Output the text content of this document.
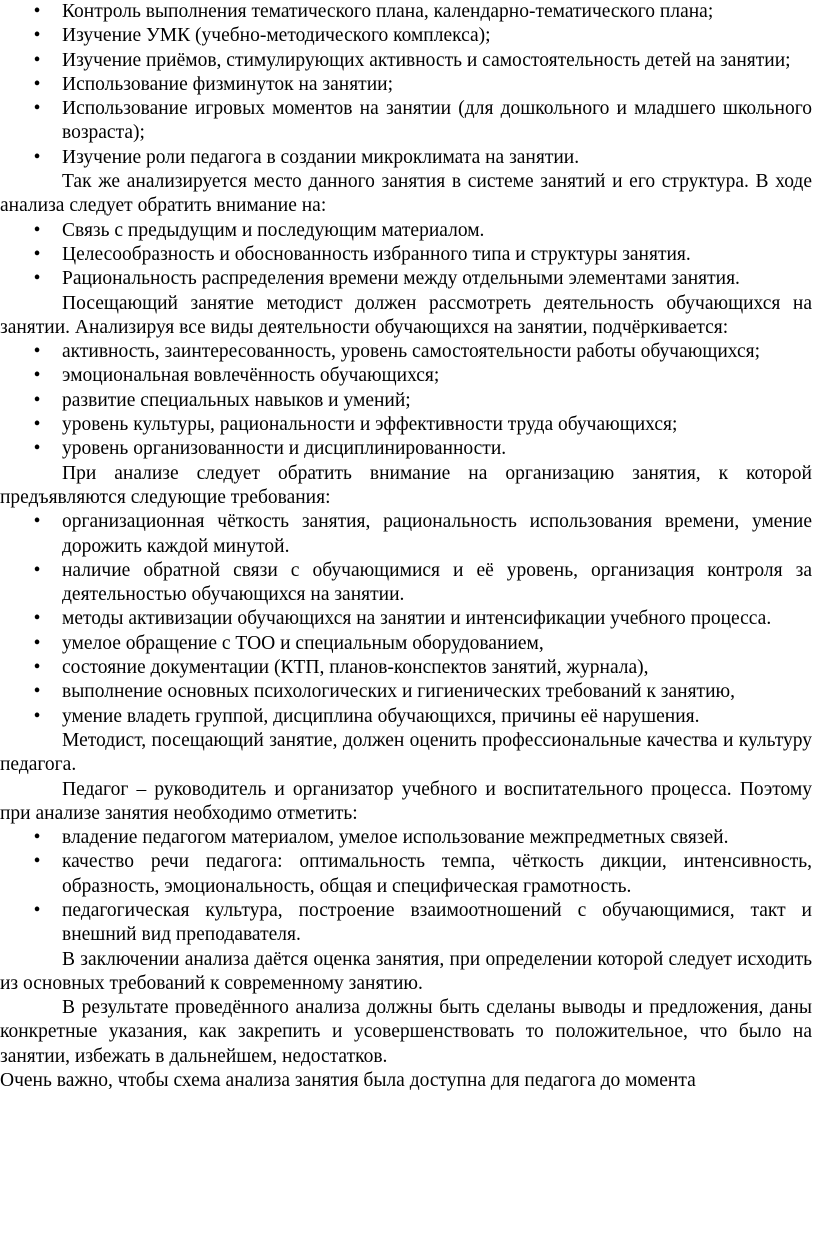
• Контроль выполнения тематического плана, календарно-тематического плана;
• Изучение УМК (учебно-методического комплекса);
• Изучение приёмов, стимулирующих активность и самостоятельность детей на занятии;
• Использование физминуток на занятии;
• Использование игровых моментов на занятии (для дошкольного и младшего школьного возраста);
• Изучение роли педагога в создании микроклимата на занятии.

Так же анализируется место данного занятия в системе занятий и его структура. В ходе анализа следует обратить внимание на:

• Связь с предыдущим и последующим материалом.
• Целесообразность и обоснованность избранного типа и структуры занятия.
• Рациональность распределения времени между отдельными элементами занятия.

Посещающий занятие методист должен рассмотреть деятельность обучающихся на занятии. Анализируя все виды деятельности обучающихся на занятии, подчёркивается:

• активность, заинтересованность, уровень самостоятельности работы обучающихся;
• эмоциональная вовлечённость обучающихся;
• развитие специальных навыков и умений;
• уровень культуры, рациональности и эффективности труда обучающихся;
• уровень организованности и дисциплинированности.

При анализе следует обратить внимание на организацию занятия, к которой предъявляются следующие требования:

• организационная чёткость занятия, рациональность использования времени, умение дорожить каждой минутой.
• наличие обратной связи с обучающимися и её уровень, организация контроля за деятельностью обучающихся на занятии.
• методы активизации обучающихся на занятии и интенсификации учебного процесса.
• умелое обращение с ТОО и специальным оборудованием,
• состояние документации (КТП, планов-конспектов занятий, журнала),
• выполнение основных психологических и гигиенических требований к занятию,
• умение владеть группой, дисциплина обучающихся, причины её нарушения.

Методист, посещающий занятие, должен оценить профессиональные качества и культуру педагога.

Педагог – руководитель и организатор учебного и воспитательного процесса. Поэтому при анализе занятия необходимо отметить:

• владение педагогом материалом, умелое использование межпредметных связей.
• качество речи педагога: оптимальность темпа, чёткость дикции, интенсивность, образность, эмоциональность, общая и специфическая грамотность.
• педагогическая культура, построение взаимоотношений с обучающимися, такт и внешний вид преподавателя.

В заключении анализа даётся оценка занятия, при определении которой следует исходить из основных требований к современному занятию.

В результате проведённого анализа должны быть сделаны выводы и предложения, даны конкретные указания, как закрепить и усовершенствовать то положительное, что было на занятии, избежать в дальнейшем, недостатков.

Очень важно, чтобы схема анализа занятия была доступна для педагога до момента
